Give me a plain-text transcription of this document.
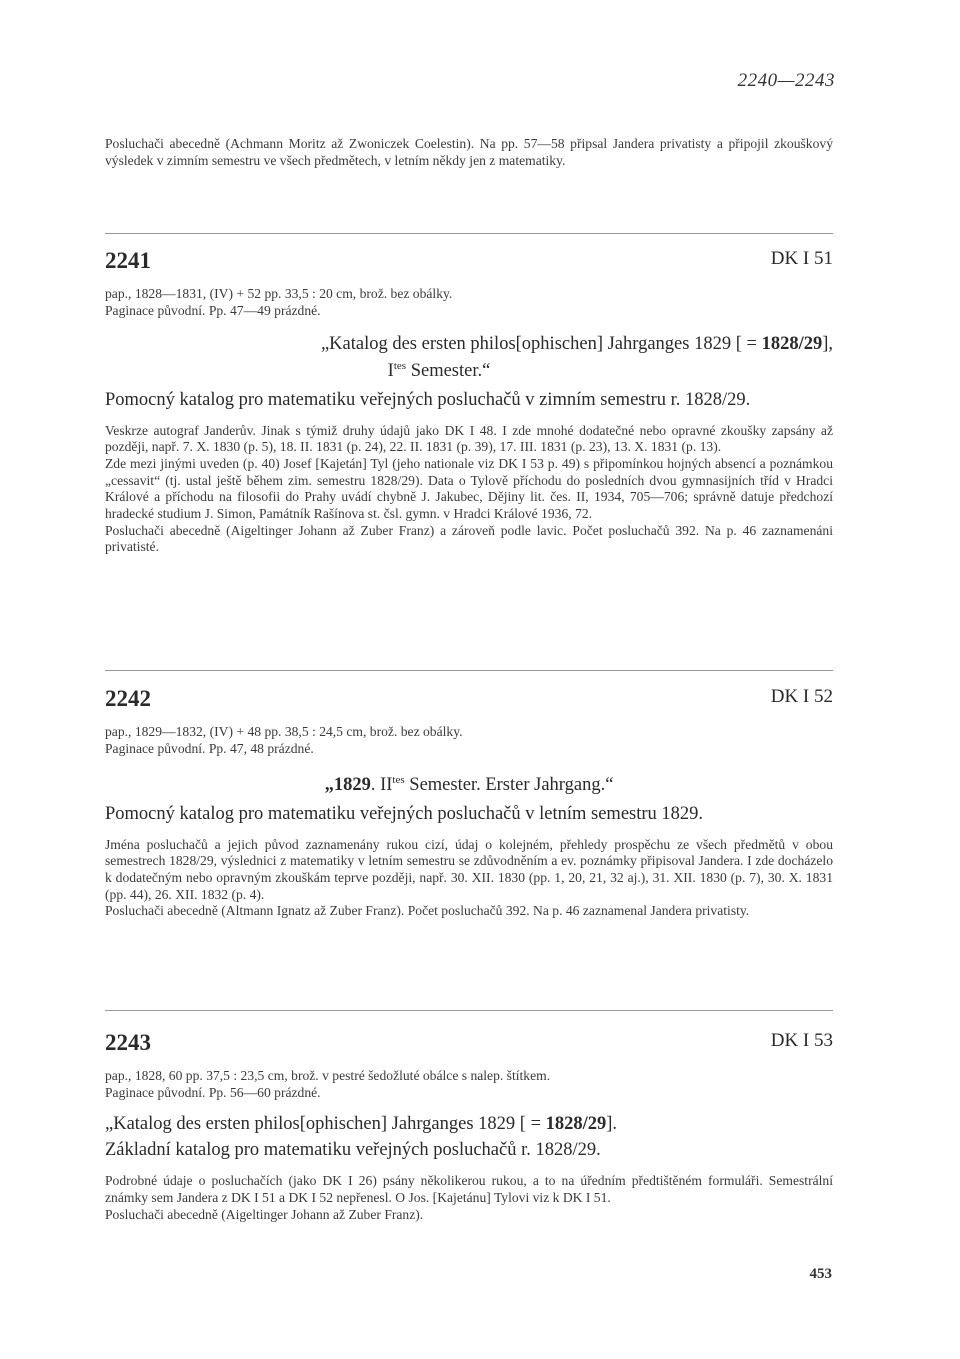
2240—2243

Posluchači abecedně (Achmann Moritz až Zwoniczek Coelestin). Na pp. 57—58 připsal Jandera privatisty a připojil zkouškový výsledek v zimním semestru ve všech předmětech, v letním někdy jen z matematiky.

2241	DK I 51

pap., 1828—1831, (IV) + 52 pp. 33,5 : 20 cm, brož. bez obálky.

Paginace původní. Pp. 47—49 prázdné.

„Katalog des ersten philos[ophischen] Jahrganges 1829 [ = 1828/29],
$I^{tes}$ Semester.“
Pomocný katalog pro matematiku veřejných posluchačů v zimním semestru r. 1828/29.

Veskrze autograf Janderův. Jinak s týmiž druhy údajů jako DK I 48. I zde mnohé dodatečné nebo opravné zkoušky zapsány až později, např. 7. X. 1830 (p. 5), 18. II. 1831 (p. 24), 22. II. 1831 (p. 39), 17. III. 1831 (p. 23), 13. X. 1831 (p. 13).

Zde mezi jinými uveden (p. 40) Josef [Kajetán] Tyl (jeho nationale viz DK I 53 p. 49) s připomínkou hojných absencí a poznámkou „cessavit“ (tj. ustal ještě během zim. semestru 1828/29). Data o Tylově příchodu do posledních dvou gymnasijních tříd v Hradci Králové a příchodu na filosofii do Prahy uvádí chybně J. Jakubec, Dějiny lit. čes. II, 1934, 705—706; správně datuje předchozí hradecké studium J. Simon, Památník Rašínova st. čsl. gymn. v Hradci Králové 1936, 72.

Posluchači abecedně (Aigeltinger Johann až Zuber Franz) a zároveň podle lavic. Počet posluchačů 392. Na p. 46 zaznamenáni privatisté.

2242	DK I 52

pap., 1829—1832, (IV) + 48 pp. 38,5 : 24,5 cm, brož. bez obálky.

Paginace původní. Pp. 47, 48 prázdné.

„1829. $II^{tes}$ Semester. Erster Jahrgang.“
Pomocný katalog pro matematiku veřejných posluchačů v letním semestru 1829.

Jména posluchačů a jejich původ zaznamenány rukou cizí, údaj o kolejném, přehledy prospěchu ze všech předmětů v obou semestrech 1828/29, výslednici z matematiky v letním semestru se zdůvodněním a ev. poznámky připisoval Jandera. I zde docházelo k dodatečným nebo opravným zkouškám teprve později, např. 30. XII. 1830 (pp. 1, 20, 21, 32 aj.), 31. XII. 1830 (p. 7), 30. X. 1831 (pp. 44), 26. XII. 1832 (p. 4).

Posluchači abecedně (Altmann Ignatz až Zuber Franz). Počet posluchačů 392. Na p. 46 zaznamenal Jandera privatisty.

2243	DK I 53

pap., 1828, 60 pp. 37,5 : 23,5 cm, brož. v pestré šedožluté obálce s nalep. štítkem.

Paginace původní. Pp. 56—60 prázdné.

„Katalog des ersten philos[ophischen] Jahrganges 1829 [ = 1828/29].
Základní katalog pro matematiku veřejných posluchačů r. 1828/29.

Podrobné údaje o posluchačích (jako DK I 26) psány několikerou rukou, a to na úředním předtištěném formuláři. Semestrální známky sem Jandera z DK I 51 a DK I 52 nepřenesl. O Jos. [Kajetánu] Tylovi viz k DK I 51.

Posluchači abecedně (Aigeltinger Johann až Zuber Franz).

453
